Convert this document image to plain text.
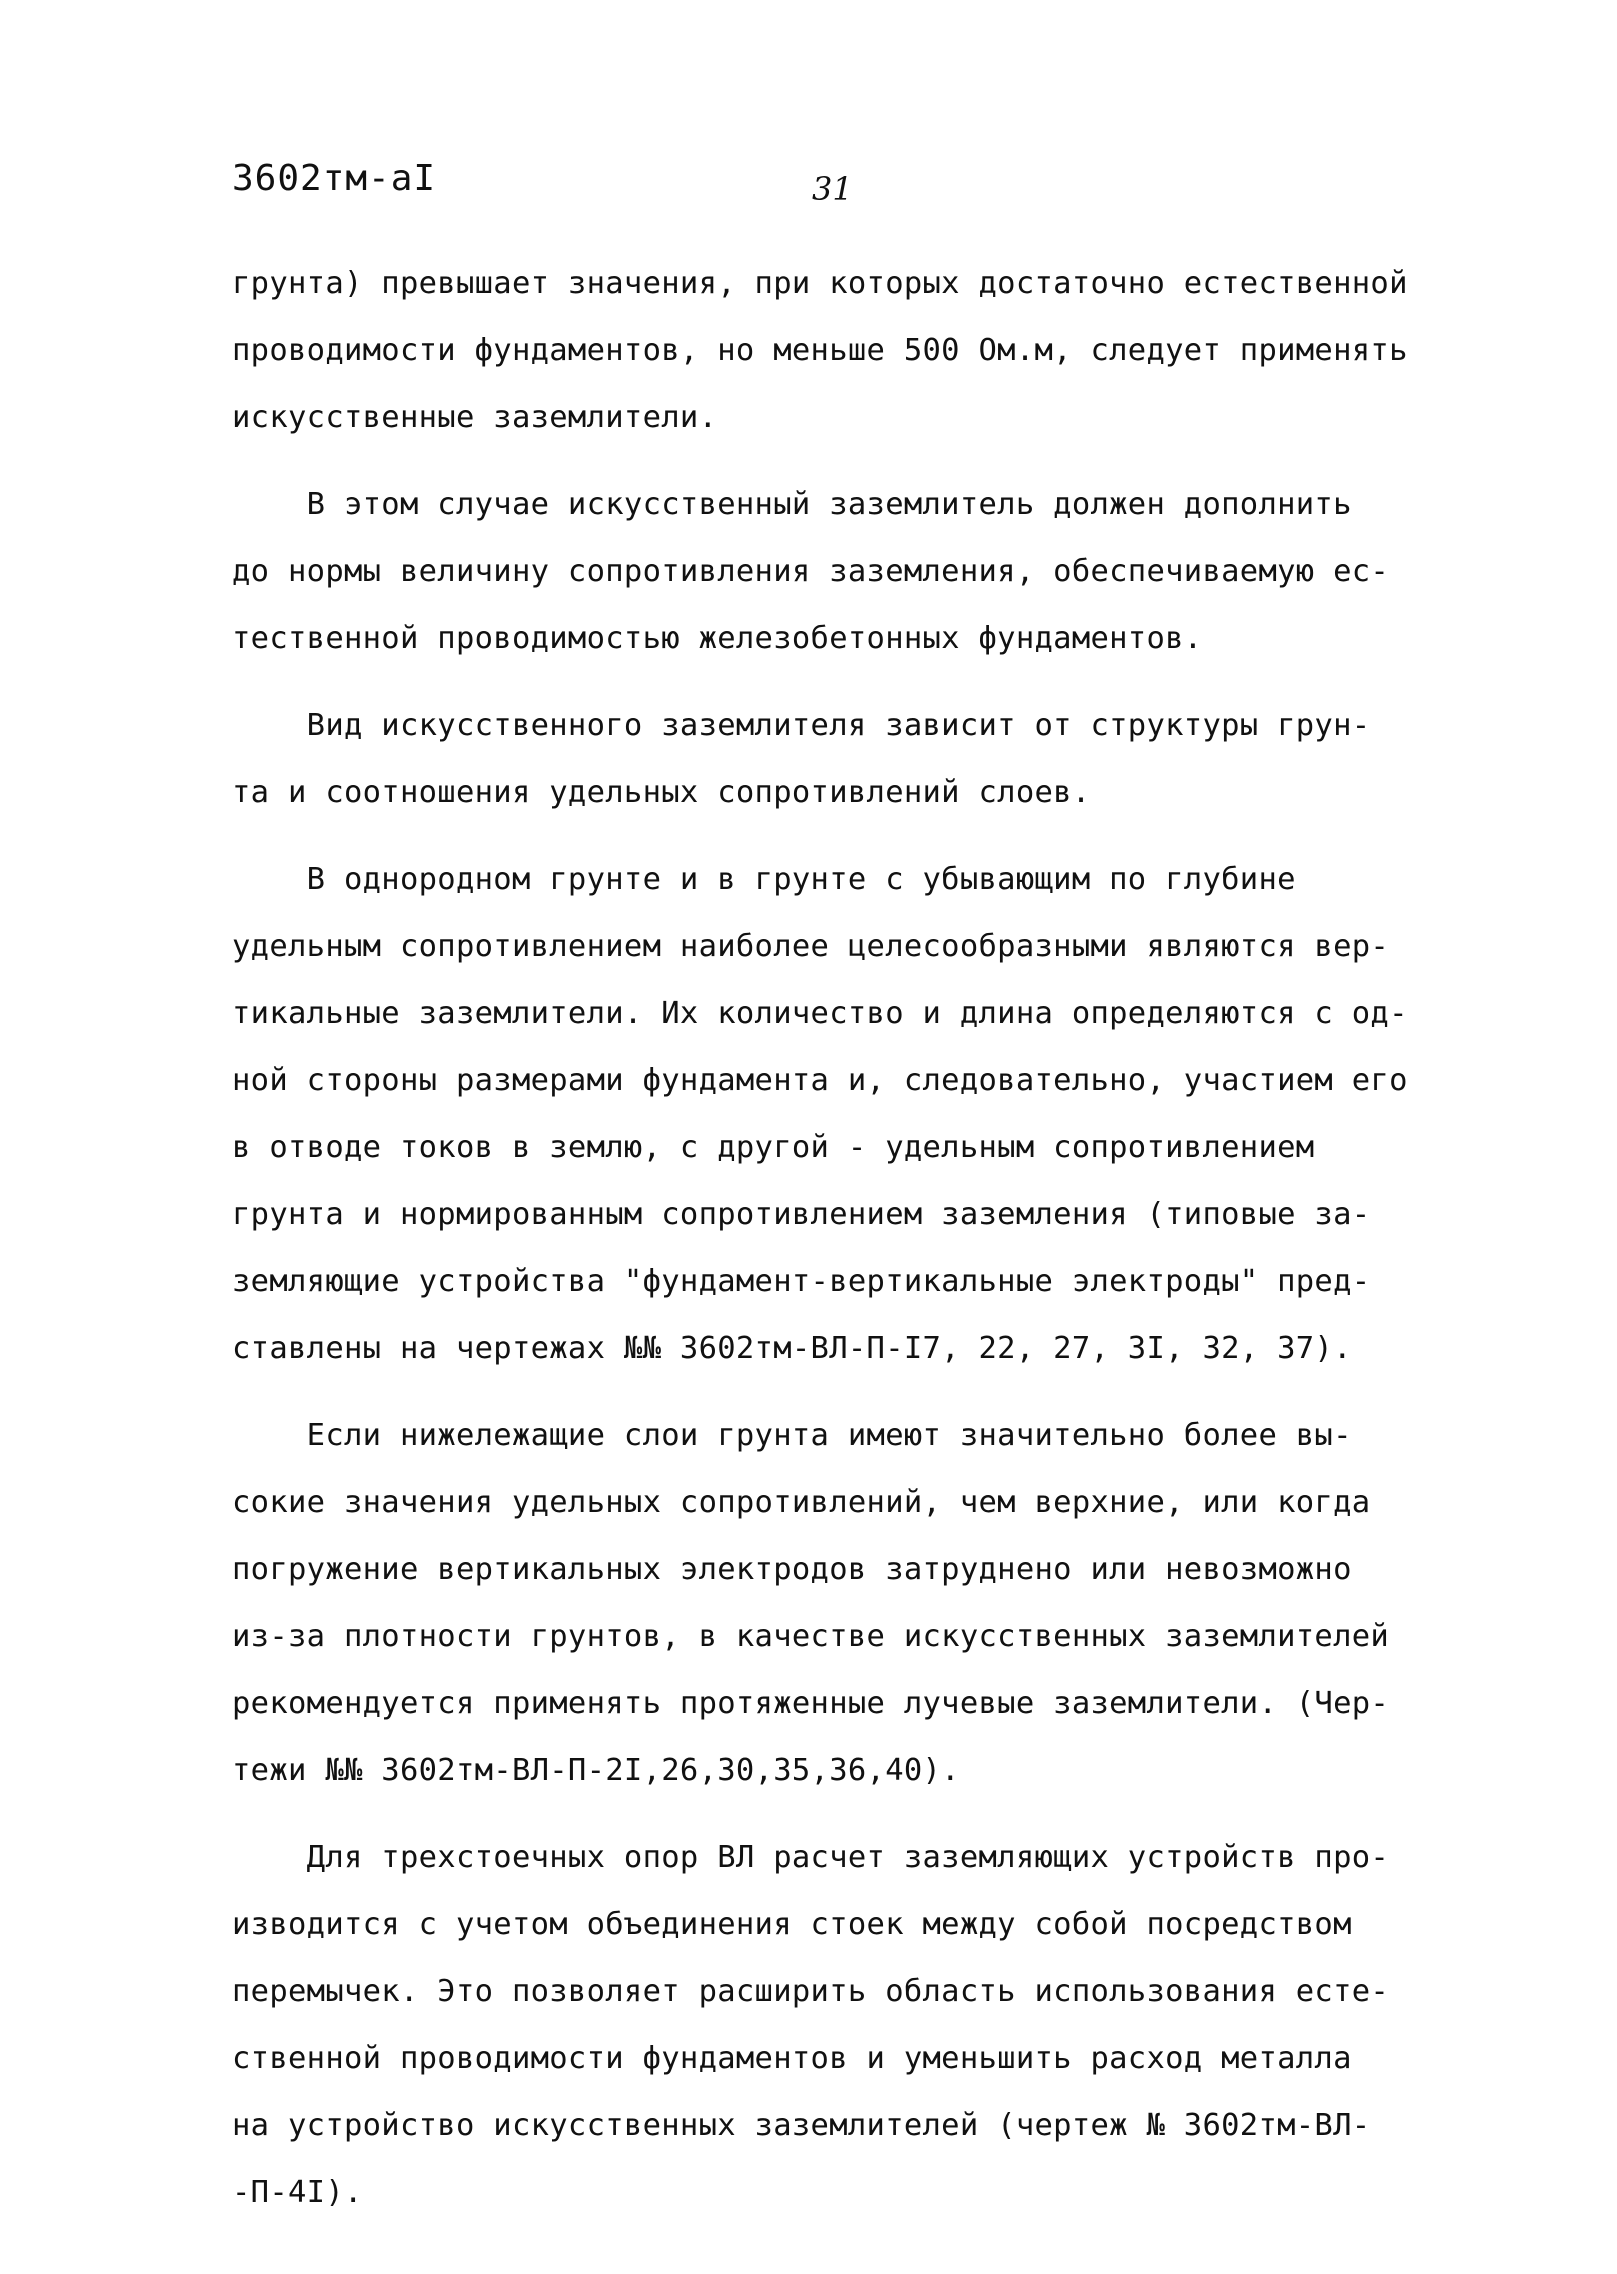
3602тм-аI	31
грунта) превышает значения, при которых достаточно естественной
проводимости фундаментов, но меньше 500 Ом.м, следует применять
искусственные заземлители.
В этом случае искусственный заземлитель должен дополнить
до нормы величину сопротивления заземления, обеспечиваемую ес-
тественной проводимостью железобетонных фундаментов.
Вид искусственного заземлителя зависит от структуры грун-
та и соотношения удельных сопротивлений слоев.
В однородном грунте и в грунте с убывающим по глубине
удельным сопротивлением наиболее целесообразными являются вер-
тикальные заземлители. Их количество и длина определяются с од-
ной стороны размерами фундамента и, следовательно, участием его
в отводе токов в землю, с другой - удельным сопротивлением
грунта и нормированным сопротивлением заземления (типовые за-
земляющие устройства "фундамент-вертикальные электроды" пред-
ставлены на чертежах №№ 3602тм-ВЛ-П-I7, 22, 27, 3I, 32, 37).
Если нижележащие слои грунта имеют значительно более вы-
сокие значения удельных сопротивлений, чем верхние, или когда
погружение вертикальных электродов затруднено или невозможно
из-за плотности грунтов, в качестве искусственных заземлителей
рекомендуется применять протяженные лучевые заземлители. (Чер-
тежи №№ 3602тм-ВЛ-П-2I,26,30,35,36,40).
Для трехстоечных опор ВЛ расчет заземляющих устройств про-
изводится с учетом объединения стоек между собой посредством
перемычек. Это позволяет расширить область использования есте-
ственной проводимости фундаментов и уменьшить расход металла
на устройство искусственных заземлителей (чертеж № 3602тм-ВЛ-
-П-4I).
